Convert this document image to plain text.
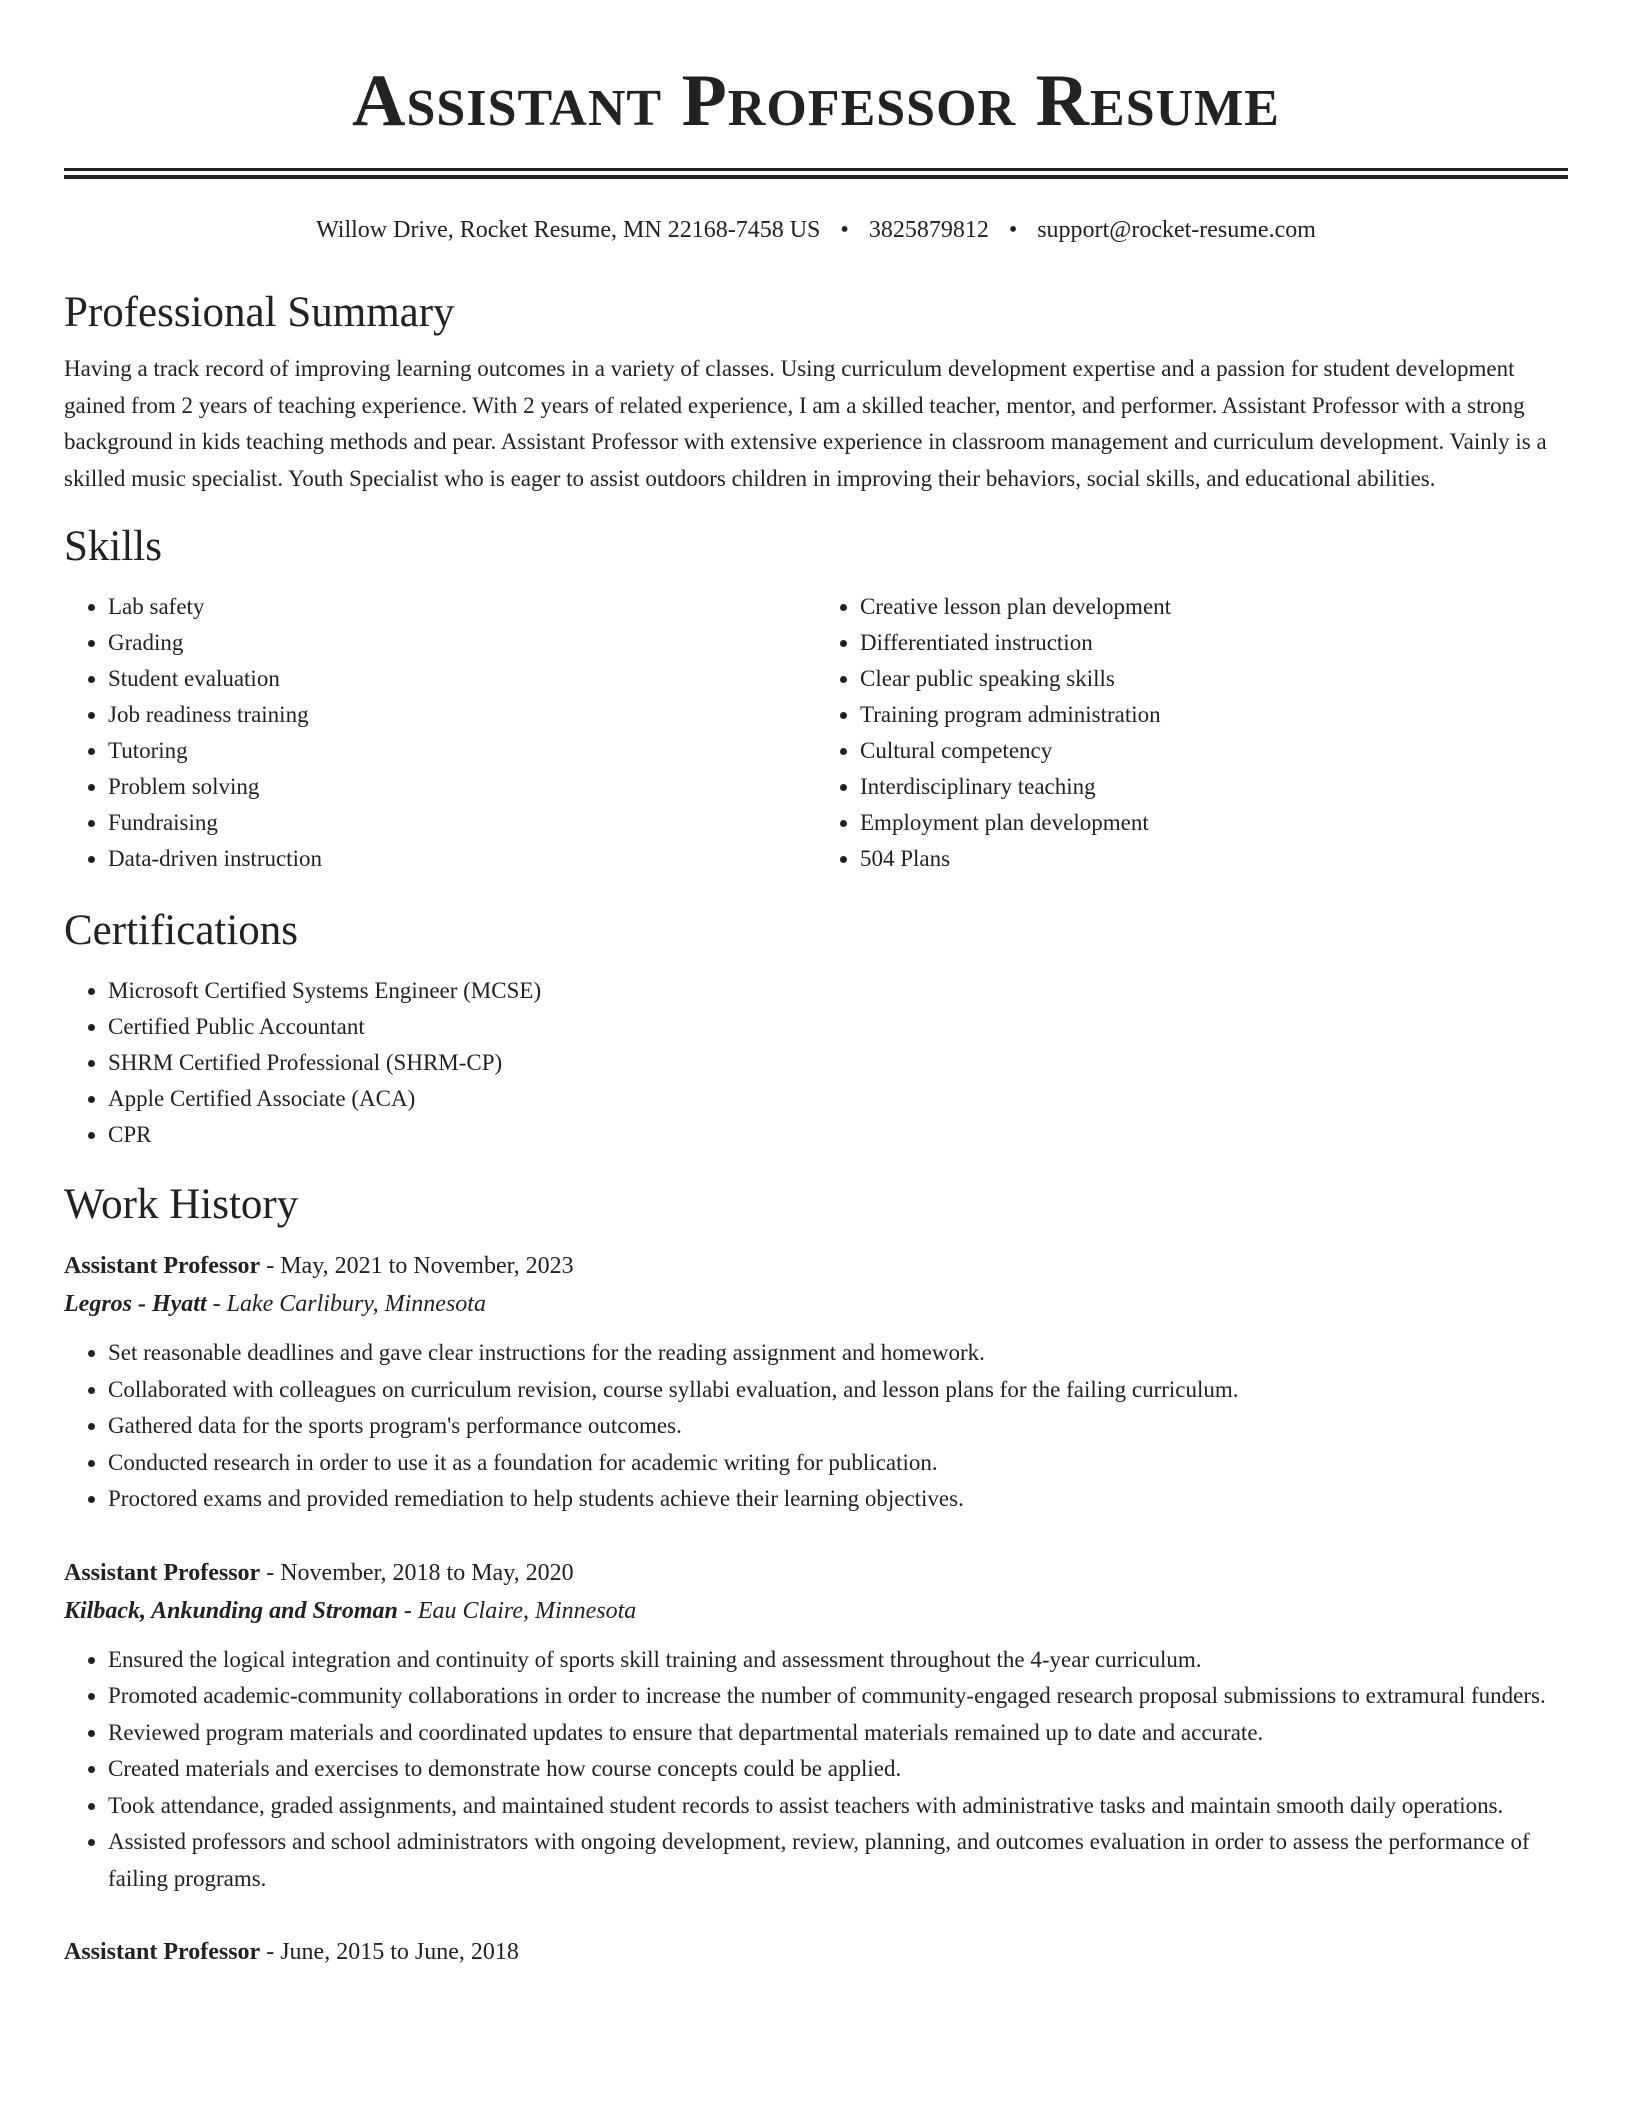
Assistant Professor Resume
Willow Drive, Rocket Resume, MN 22168-7458 US • 3825879812 • support@rocket-resume.com
Professional Summary

Having a track record of improving learning outcomes in a variety of classes. Using curriculum development expertise and a passion for student development gained from 2 years of teaching experience. With 2 years of related experience, I am a skilled teacher, mentor, and performer. Assistant Professor with a strong background in kids teaching methods and pear. Assistant Professor with extensive experience in classroom management and curriculum development. Vainly is a skilled music specialist. Youth Specialist who is eager to assist outdoors children in improving their behaviors, social skills, and educational abilities.

Skills
• Lab safety
• Grading
• Student evaluation
• Job readiness training
• Tutoring
• Problem solving
• Fundraising
• Data-driven instruction
• Creative lesson plan development
• Differentiated instruction
• Clear public speaking skills
• Training program administration
• Cultural competency
• Interdisciplinary teaching
• Employment plan development
• 504 Plans
Certifications
• Microsoft Certified Systems Engineer (MCSE)
• Certified Public Accountant
• SHRM Certified Professional (SHRM-CP)
• Apple Certified Associate (ACA)
• CPR
Work History
Assistant Professor - May, 2021 to November, 2023
Legros - Hyatt - Lake Carlibury, Minnesota
• Set reasonable deadlines and gave clear instructions for the reading assignment and homework.
• Collaborated with colleagues on curriculum revision, course syllabi evaluation, and lesson plans for the failing curriculum.
• Gathered data for the sports program's performance outcomes.
• Conducted research in order to use it as a foundation for academic writing for publication.
• Proctored exams and provided remediation to help students achieve their learning objectives.
Assistant Professor - November, 2018 to May, 2020
Kilback, Ankunding and Stroman - Eau Claire, Minnesota
• Ensured the logical integration and continuity of sports skill training and assessment throughout the 4-year curriculum.
• Promoted academic-community collaborations in order to increase the number of community-engaged research proposal submissions to extramural funders.
• Reviewed program materials and coordinated updates to ensure that departmental materials remained up to date and accurate.
• Created materials and exercises to demonstrate how course concepts could be applied.
• Took attendance, graded assignments, and maintained student records to assist teachers with administrative tasks and maintain smooth daily operations.
• Assisted professors and school administrators with ongoing development, review, planning, and outcomes evaluation in order to assess the performance of failing programs.
Assistant Professor - June, 2015 to June, 2018
